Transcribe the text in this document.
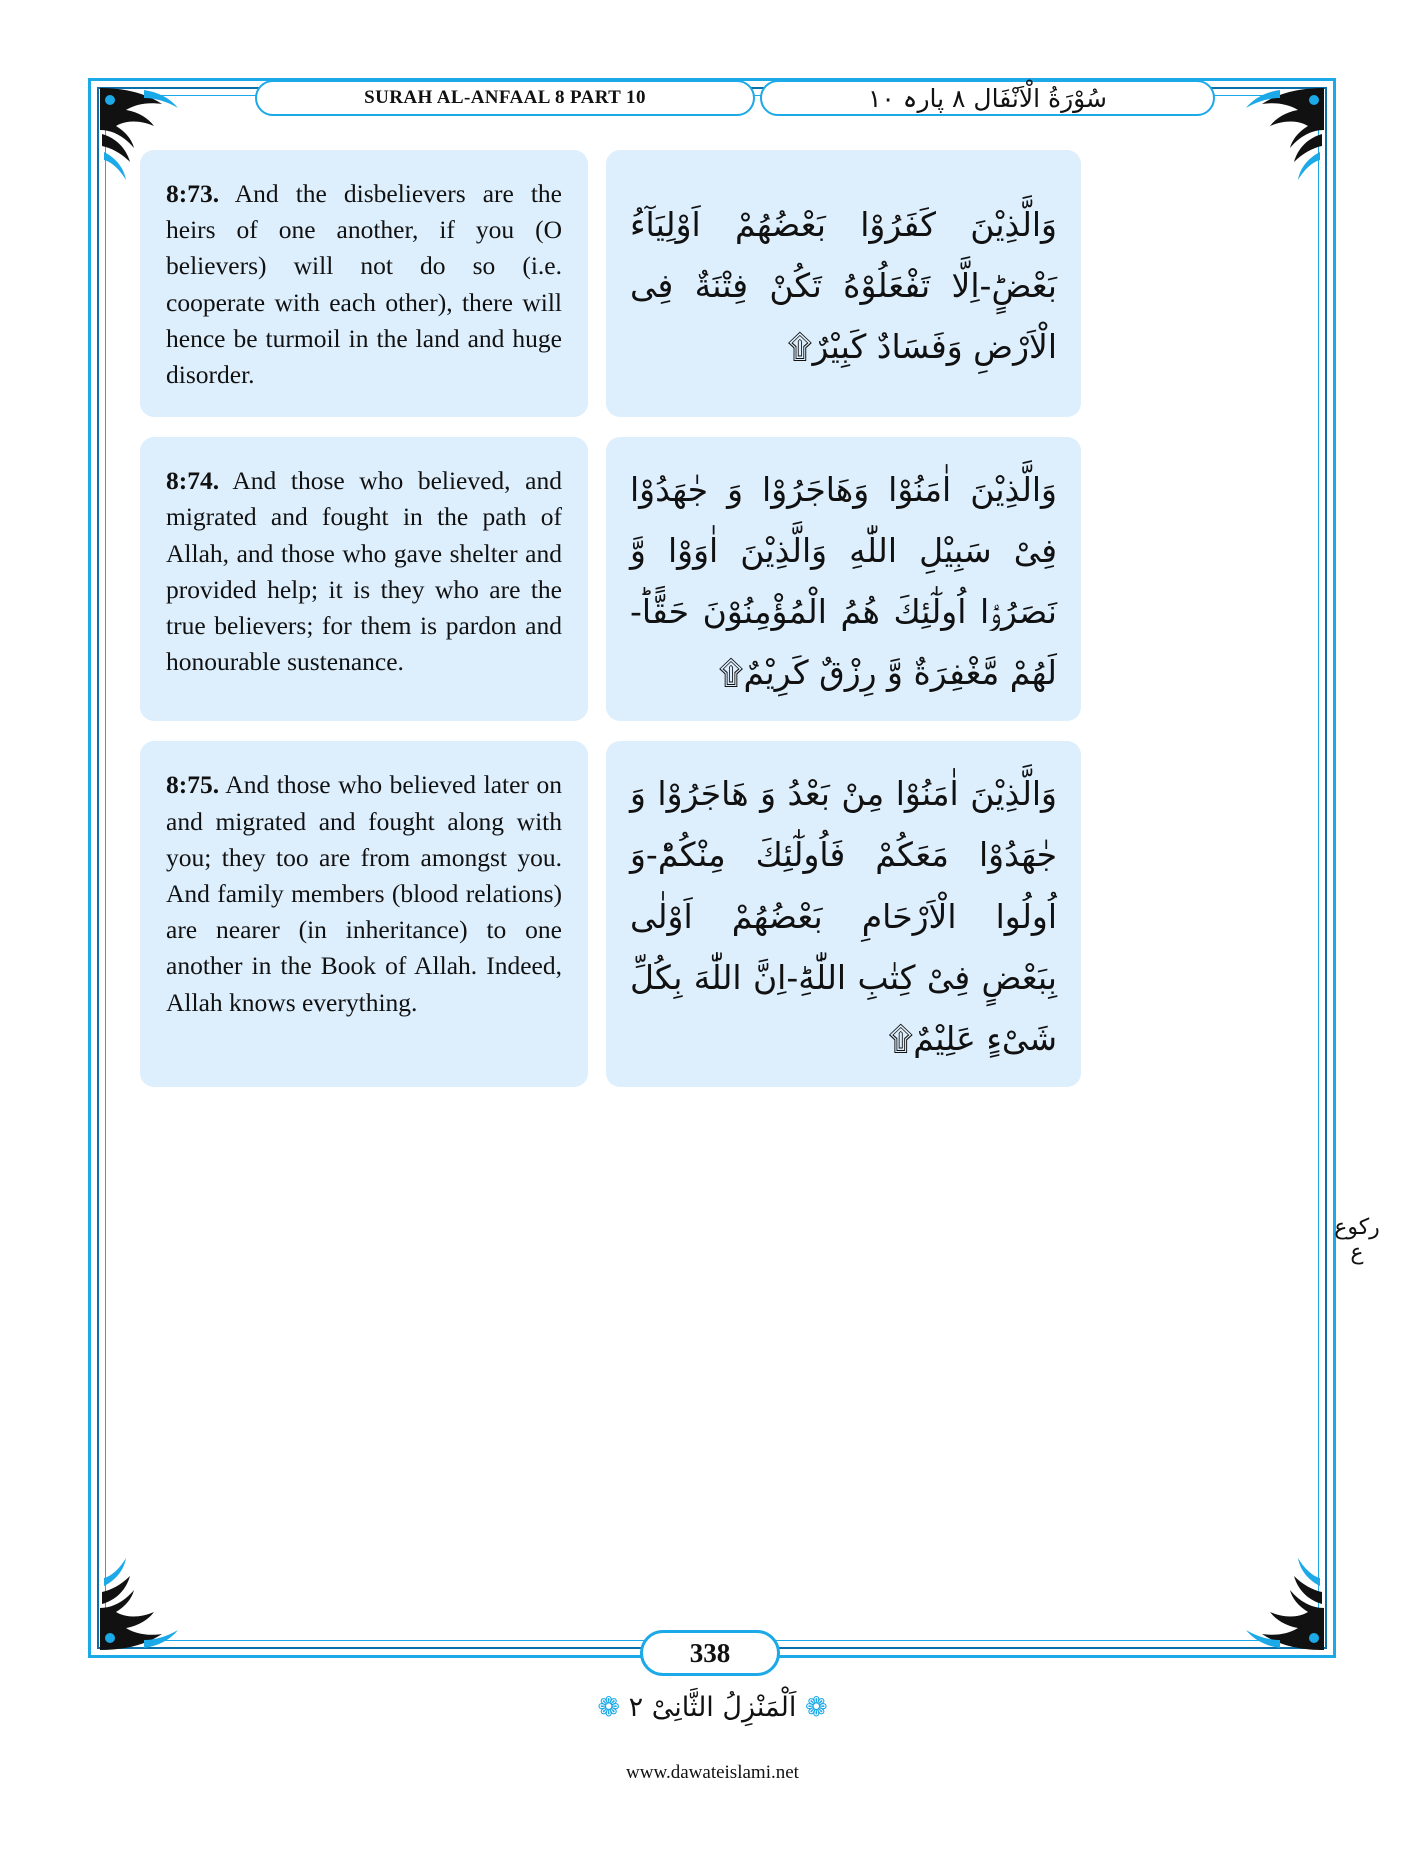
SURAH AL-ANFAAL 8 PART 10	سُوْرَةُ الْاَنْفَال ۸ پارہ ۱۰
8:73. And the disbelievers are the heirs of one another, if you (O believers) will not do so (i.e. cooperate with each other), there will hence be turmoil in the land and huge disorder.
وَالَّذِیْنَ كَفَرُوْا بَعْضُهُمْ اَوْلِیَآءُ بَعْضٍؕ-اِلَّا تَفْعَلُوْهُ تَكُنْ فِتْنَةٌ فِی الْاَرْضِ وَفَسَادٌ كَبِیْرٌ۩
8:74. And those who believed, and migrated and fought in the path of Allah, and those who gave shelter and provided help; it is they who are the true believers; for them is pardon and honourable sustenance.
وَالَّذِیْنَ اٰمَنُوْا وَهَاجَرُوْا وَ جٰهَدُوْا فِیْ سَبِیْلِ اللّٰهِ وَالَّذِیْنَ اٰوَوْا وَّ نَصَرُوْۤا اُولٰٓئِكَ هُمُ الْمُؤْمِنُوْنَ حَقًّاؕ-لَهُمْ مَّغْفِرَةٌ وَّ رِزْقٌ كَرِیْمٌ۩
8:75. And those who believed later on and migrated and fought along with you; they too are from amongst you. And family members (blood relations) are nearer (in inheritance) to one another in the Book of Allah. Indeed, Allah knows everything.
وَالَّذِیْنَ اٰمَنُوْا مِنْ بَعْدُ وَ هَاجَرُوْا وَ جٰهَدُوْا مَعَكُمْ فَاُولٰٓئِكَ مِنْكُمْؕ-وَ اُولُوا الْاَرْحَامِ بَعْضُهُمْ اَوْلٰى بِبَعْضٍ فِیْ كِتٰبِ اللّٰهِؕ-اِنَّ اللّٰهَ بِكُلِّ شَیْءٍ عَلِیْمٌ۩
رکوع ع
338
❁ اَلْمَنْزِلُ الثَّانِیْ ۲ ❁
www.dawateislami.net
